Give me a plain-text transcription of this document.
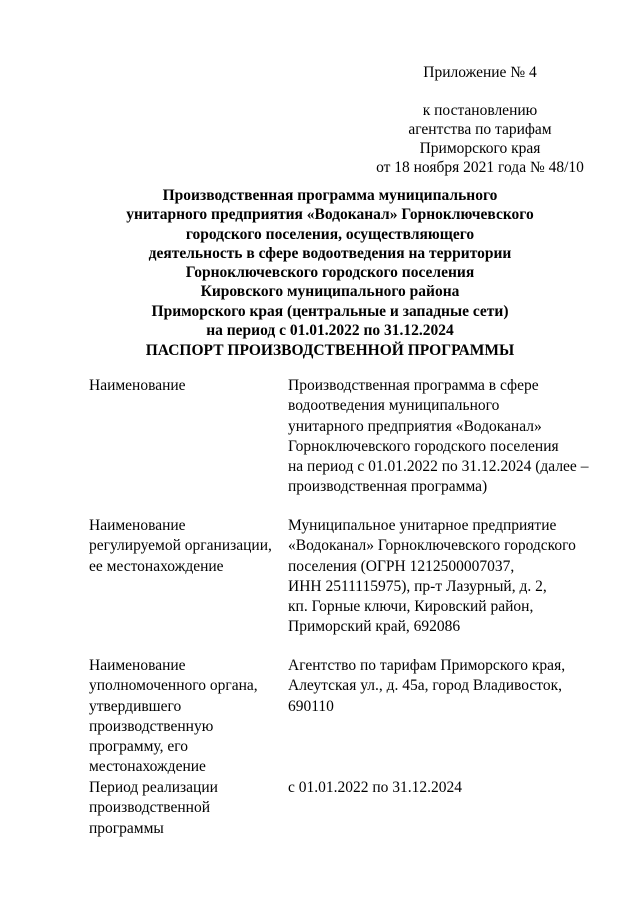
Приложение № 4
к постановлению
агентства по тарифам
Приморского края
от 18 ноября 2021 года № 48/10
Производственная программа муниципального
унитарного предприятия «Водоканал» Горноключевского
городского поселения, осуществляющего
деятельность в сфере водоотведения на территории
Горноключевского городского поселения
Кировского муниципального района
Приморского края (центральные и западные сети)
на период с 01.01.2022 по 31.12.2024
ПАСПОРТ ПРОИЗВОДСТВЕННОЙ ПРОГРАММЫ
Наименование	Производственная программа в сфере
водоотведения муниципального
унитарного предприятия «Водоканал»
Горноключевского городского поселения
на период с 01.01.2022 по 31.12.2024 (далее –
производственная программа)
Наименование
регулируемой организации,
ее местонахождение
Муниципальное унитарное предприятие
«Водоканал» Горноключевского городского
поселения (ОГРН 1212500007037,
ИНН 2511115975), пр-т Лазурный, д. 2,
кп. Горные ключи, Кировский район,
Приморский край, 692086
Наименование
уполномоченного органа,
утвердившего
производственную
программу, его
местонахождение
Агентство по тарифам Приморского края,
Алеутская ул., д. 45а, город Владивосток,
690110
Период реализации
производственной
программы
с 01.01.2022 по 31.12.2024
